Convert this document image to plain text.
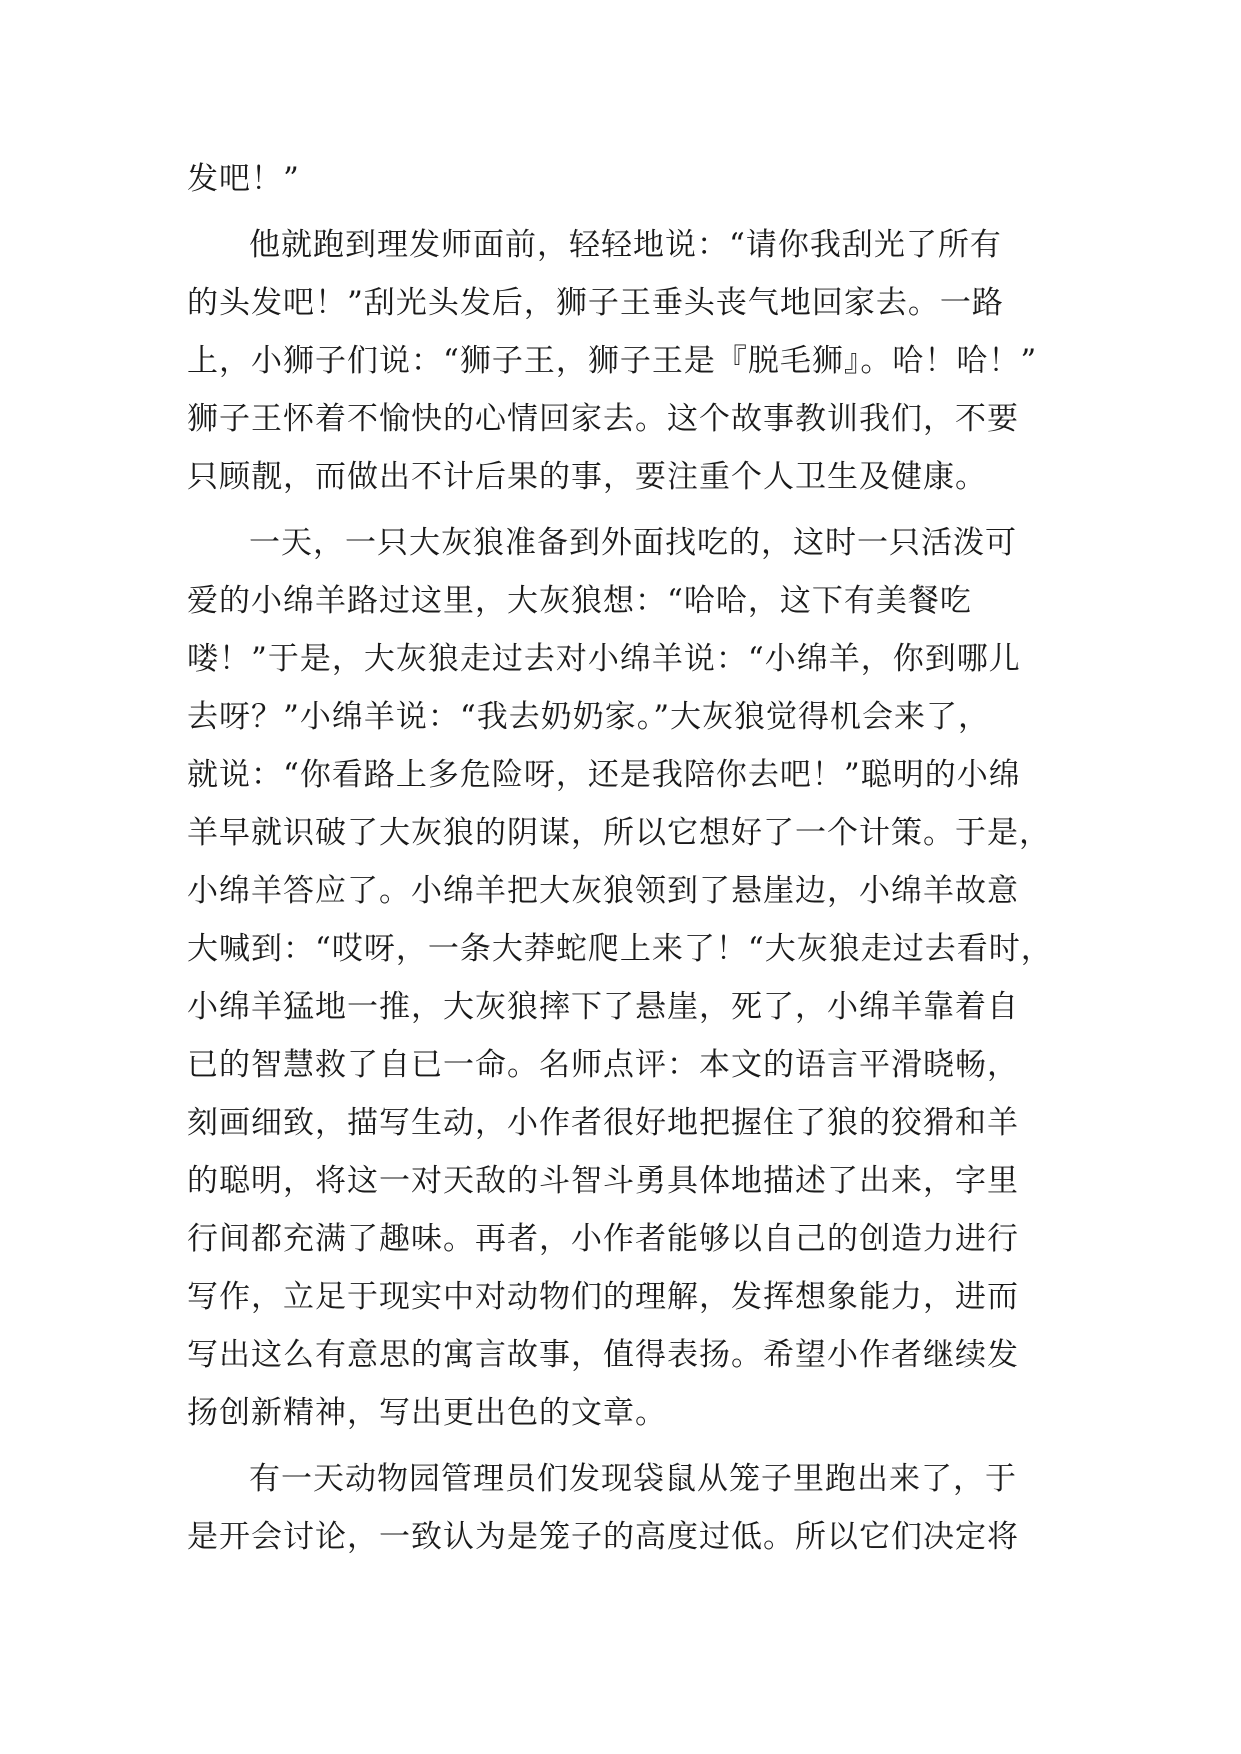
发吧！”

他就跑到理发师面前，轻轻地说：“请你我刮光了所有
的头发吧！”刮光头发后，狮子王垂头丧气地回家去。一路
上，小狮子们说：“狮子王，狮子王是『脱毛狮』。哈！哈！”
狮子王怀着不愉快的心情回家去。这个故事教训我们，不要
只顾靓，而做出不计后果的事，要注重个人卫生及健康。

一天，一只大灰狼准备到外面找吃的，这时一只活泼可
爱的小绵羊路过这里，大灰狼想：“哈哈，这下有美餐吃
喽！”于是，大灰狼走过去对小绵羊说：“小绵羊，你到哪儿
去呀？”小绵羊说：“我去奶奶家。”大灰狼觉得机会来了，
就说：“你看路上多危险呀，还是我陪你去吧！”聪明的小绵
羊早就识破了大灰狼的阴谋，所以它想好了一个计策。于是，
小绵羊答应了。小绵羊把大灰狼领到了悬崖边，小绵羊故意
大喊到：“哎呀，一条大莽蛇爬上来了！“大灰狼走过去看时，
小绵羊猛地一推，大灰狼摔下了悬崖，死了，小绵羊靠着自
已的智慧救了自已一命。名师点评：本文的语言平滑晓畅，
刻画细致，描写生动，小作者很好地把握住了狼的狡猾和羊
的聪明，将这一对天敌的斗智斗勇具体地描述了出来，字里
行间都充满了趣味。再者，小作者能够以自己的创造力进行
写作，立足于现实中对动物们的理解，发挥想象能力，进而
写出这么有意思的寓言故事，值得表扬。希望小作者继续发
扬创新精神，写出更出色的文章。

有一天动物园管理员们发现袋鼠从笼子里跑出来了，于
是开会讨论，一致认为是笼子的高度过低。所以它们决定将
